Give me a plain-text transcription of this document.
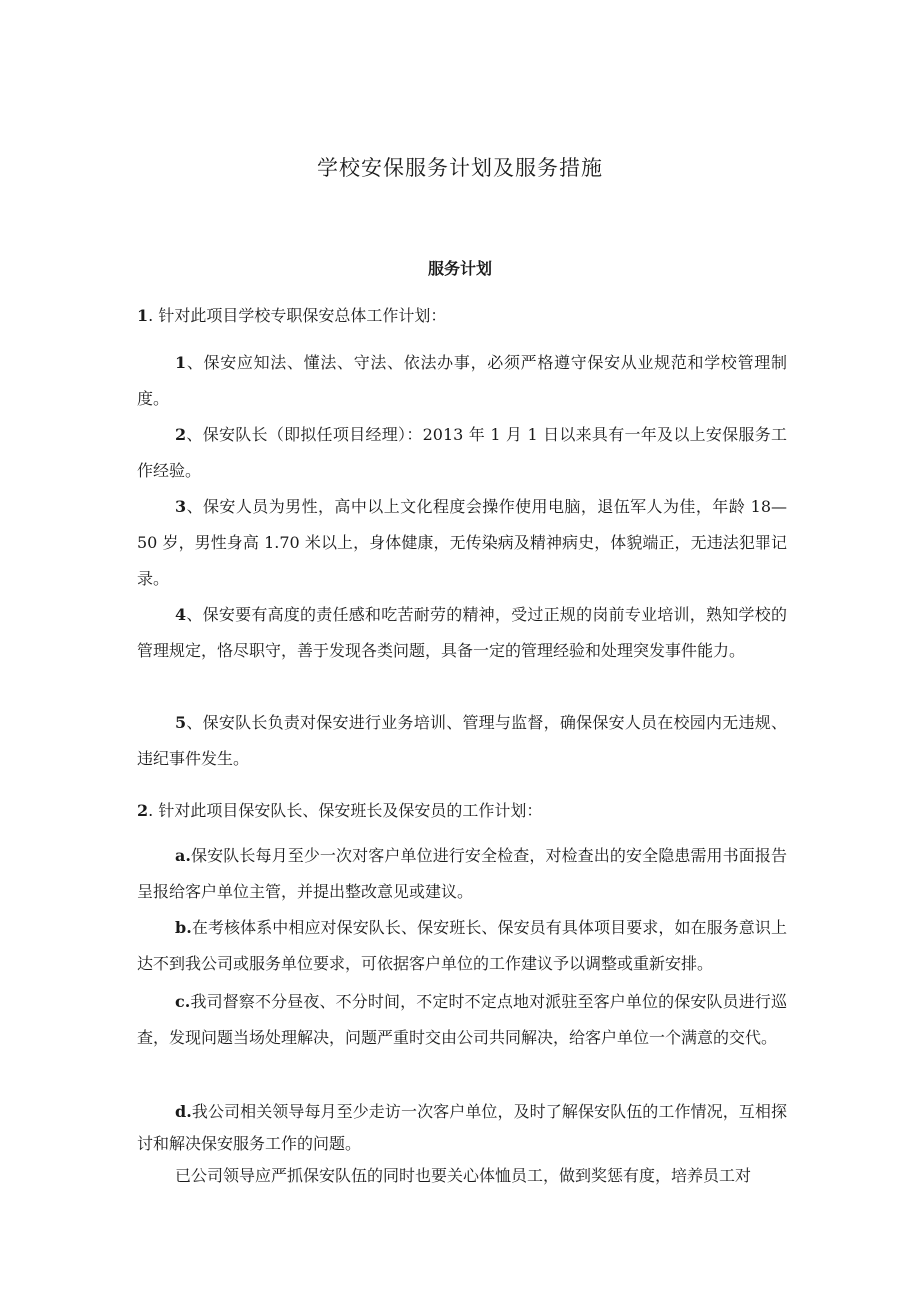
学校安保服务计划及服务措施
服务计划

1. 针对此项目学校专职保安总体工作计划：

1、保安应知法、懂法、守法、依法办事，必须严格遵守保安从业规范和学校管理制度。

2、保安队长（即拟任项目经理）：2013 年 1 月 1 日以来具有一年及以上安保服务工作经验。

3、保安人员为男性，高中以上文化程度会操作使用电脑，退伍军人为佳，年龄 18—50 岁，男性身高 1.70 米以上，身体健康，无传染病及精神病史，体貌端正，无违法犯罪记录。

4、保安要有高度的责任感和吃苦耐劳的精神，受过正规的岗前专业培训，熟知学校的管理规定，恪尽职守，善于发现各类问题，具备一定的管理经验和处理突发事件能力。

5、保安队长负责对保安进行业务培训、管理与监督，确保保安人员在校园内无违规、违纪事件发生。

2. 针对此项目保安队长、保安班长及保安员的工作计划：

a.保安队长每月至少一次对客户单位进行安全检查，对检查出的安全隐患需用书面报告呈报给客户单位主管，并提出整改意见或建议。

b.在考核体系中相应对保安队长、保安班长、保安员有具体项目要求，如在服务意识上达不到我公司或服务单位要求，可依据客户单位的工作建议予以调整或重新安排。

c.我司督察不分昼夜、不分时间，不定时不定点地对派驻至客户单位的保安队员进行巡查，发现问题当场处理解决，问题严重时交由公司共同解决，给客户单位一个满意的交代。

d.我公司相关领导每月至少走访一次客户单位，及时了解保安队伍的工作情况，互相探讨和解决保安服务工作的问题。

已公司领导应严抓保安队伍的同时也要关心体恤员工，做到奖惩有度，培养员工对
